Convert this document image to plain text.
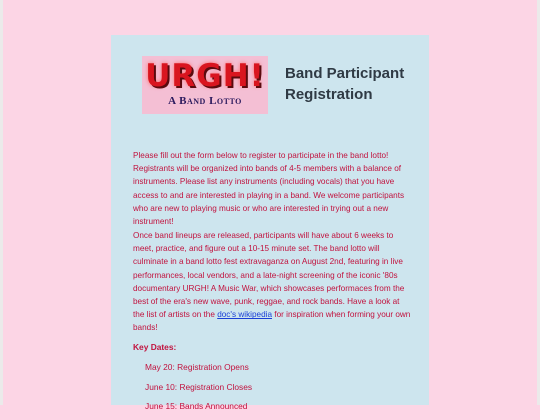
URGH!
A Band Lotto
Band Participant Registration

Please fill out the form below to register to participate in the band lotto! Registrants will be organized into bands of 4-5 members with a balance of instruments. Please list any instruments (including vocals) that you have access to and are interested in playing in a band. We welcome participants who are new to playing music or who are interested in trying out a new instrument!

Once band lineups are released, participants will have about 6 weeks to meet, practice, and figure out a 10-15 minute set. The band lotto will culminate in a band lotto fest extravaganza on August 2nd, featuring in live performances, local vendors, and a late-night screening of the iconic '80s documentary URGH! A Music War, which showcases performaces from the best of the era's new wave, punk, reggae, and rock bands. Have a look at the list of artists on the doc's wikipedia for inspiration when forming your own bands!

Key Dates:

May 20: Registration Opens
June 10: Registration Closes
June 15: Bands Announced
